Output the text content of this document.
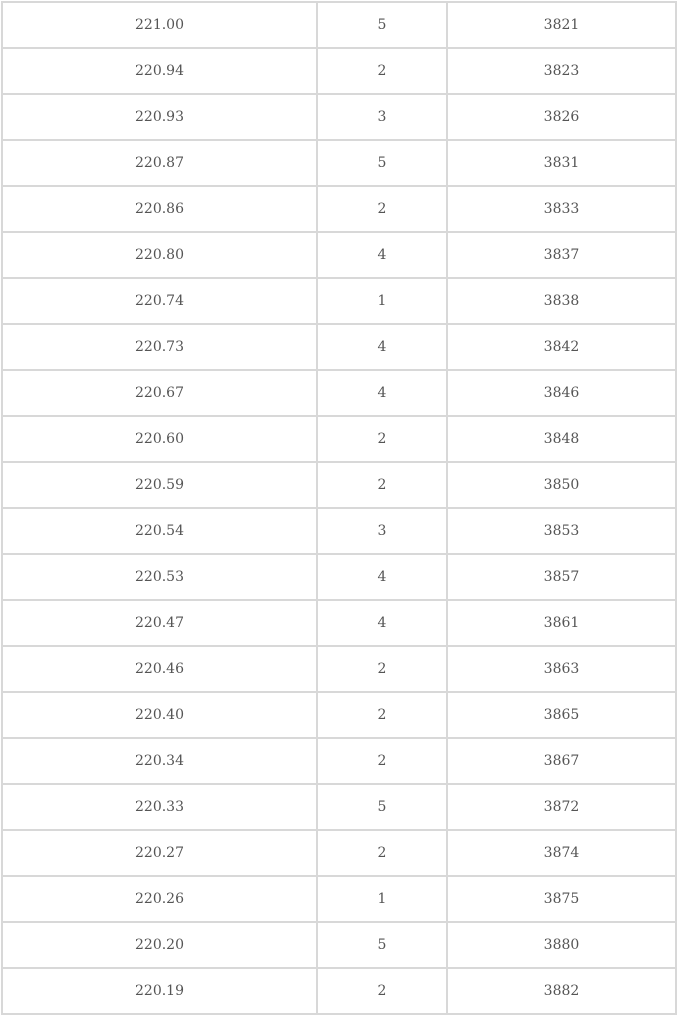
221.00	5	3821
220.94	2	3823
220.93	3	3826
220.87	5	3831
220.86	2	3833
220.80	4	3837
220.74	1	3838
220.73	4	3842
220.67	4	3846
220.60	2	3848
220.59	2	3850
220.54	3	3853
220.53	4	3857
220.47	4	3861
220.46	2	3863
220.40	2	3865
220.34	2	3867
220.33	5	3872
220.27	2	3874
220.26	1	3875
220.20	5	3880
220.19	2	3882
